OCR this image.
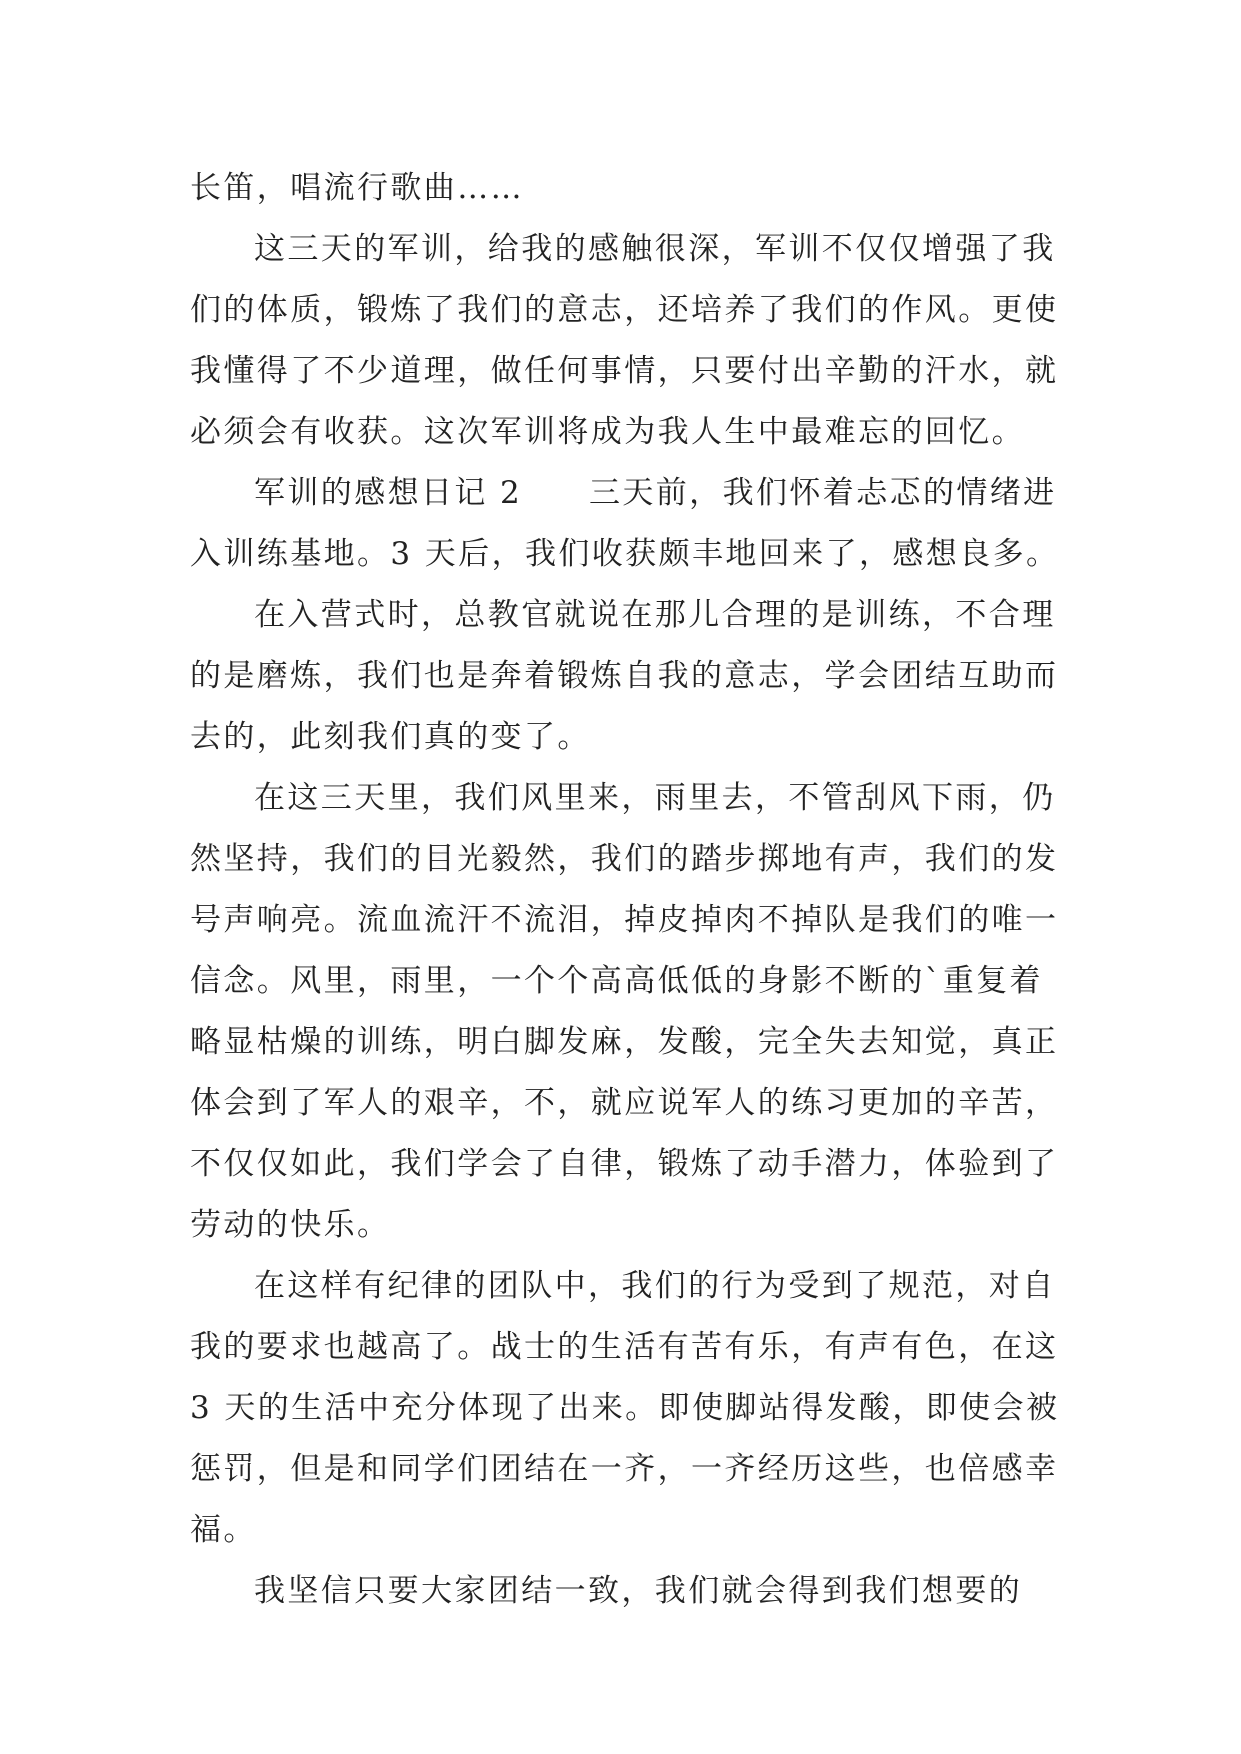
长笛，唱流行歌曲……
这三天的军训，给我的感触很深，军训不仅仅增强了我
们的体质，锻炼了我们的意志，还培养了我们的作风。更使
我懂得了不少道理，做任何事情，只要付出辛勤的汗水，就
必须会有收获。这次军训将成为我人生中最难忘的回忆。
军训的感想日记 2　　三天前，我们怀着忐忑的情绪进
入训练基地。3 天后，我们收获颇丰地回来了，感想良多。
在入营式时，总教官就说在那儿合理的是训练，不合理
的是磨炼，我们也是奔着锻炼自我的意志，学会团结互助而
去的，此刻我们真的变了。
在这三天里，我们风里来，雨里去，不管刮风下雨，仍
然坚持，我们的目光毅然，我们的踏步掷地有声，我们的发
号声响亮。流血流汗不流泪，掉皮掉肉不掉队是我们的唯一
信念。风里，雨里，一个个高高低低的身影不断的`重复着
略显枯燥的训练，明白脚发麻，发酸，完全失去知觉，真正
体会到了军人的艰辛，不，就应说军人的练习更加的辛苦，
不仅仅如此，我们学会了自律，锻炼了动手潜力，体验到了
劳动的快乐。
在这样有纪律的团队中，我们的行为受到了规范，对自
我的要求也越高了。战士的生活有苦有乐，有声有色，在这
3 天的生活中充分体现了出来。即使脚站得发酸，即使会被
惩罚，但是和同学们团结在一齐，一齐经历这些，也倍感幸
福。
我坚信只要大家团结一致，我们就会得到我们想要的
